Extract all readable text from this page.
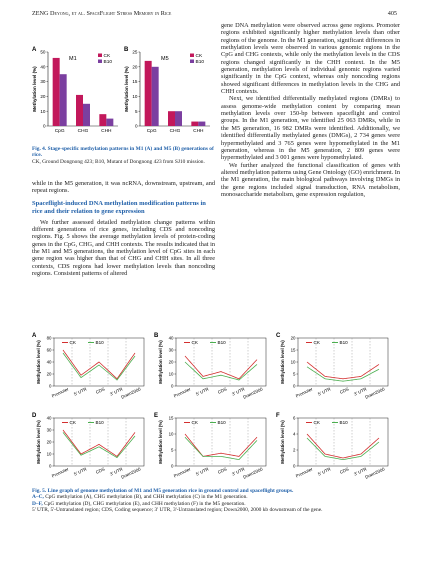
ZENG Deyong, et al. SpaceFlight Stress Memory in Rice	405
A
M1
Methylation level (%)
0
10
20
30
40
50
CpG	CHG	CHH
CK
B10
B
M5
Methylation level (%)
0
5
10
15
20
25
CpG	CHG	CHH
CK
B10
Fig. 4. Stage-specific methylation patterns in M1 (A) and M5 (B) generations of rice.
CK, Ground Dongnong 423; B10, Mutant of Dongnong 423 from SJ10 mission.

while in the M5 generation, it was ncRNA, downstream, upstream, and repeat regions.

Spaceflight-induced DNA methylation modification patterns in rice and their relation to gene expression

We further assessed detailed methylation change patterns within different generations of rice genes, including CDS and noncoding regions. Fig. 5 shows the average methylation levels of protein-coding genes in the CpG, CHG, and CHH contexts. The results indicated that in the M1 and M5 generations, the methylation level of CpG sites in each gene region was higher than that of CHG and CHH sites. In all three contexts, CDS regions had lower methylation levels than noncoding regions. Consistent patterns of altered

gene DNA methylation were observed across gene regions. Promoter regions exhibited significantly higher methylation levels than other regions of the genome. In the M1 generation, significant differences in methylation levels were observed in various genomic regions in the CpG and CHG contexts, while only the methylation levels in the CDS regions changed significantly in the CHH context. In the M5 generation, methylation levels of individual genomic regions varied significantly in the CpG context, whereas only noncoding regions showed significant differences in methylation levels in the CHG and CHH contexts.

Next, we identified differentially methylated regions (DMRs) to assess genome-wide methylation content by comparing mean methylation levels over 150-bp between spaceflight and control groups. In the M1 generation, we identified 25 063 DMRs, while in the M5 generation, 16 982 DMRs were identified. Additionally, we identified differentially methylated genes (DMGs), 2 734 genes were hypermethylated and 3 765 genes were hypomethylated in the M1 generation, whereas in the M5 generation, 2 809 genes were hypermethylated and 3 001 genes were hypomethylated.

We further analyzed the functional classification of genes with altered methylation patterns using Gene Ontology (GO) enrichment. In the M1 generation, the main biological pathways involving DMGs in the gene regions included signal transduction, RNA metabolism, monosaccharide metabolism, gene expression regulation,

A
Methylation level (%)
0
20
40
60
80
Promoter 5' UTR CDS 3' UTR
Down2000
CK	B10
B
Methylation level (%)
0
10
20
30
40
Promoter 5' UTR CDS 3' UTR
Down2000
CK	B10
C
Methylation level (%)
0
5
10
15
20
Promoter 5' UTR CDS 3' UTR
Down2000
CK	B10
D
Methylation level (%)
0
10
20
30
40
Promoter 5' UTR CDS 3' UTR
Down2000
CK	B10
E
Methylation level (%)
0
5
10
15
Promoter 5' UTR CDS 3' UTR
Down2000
CK	B10
F
Methylation level (%)
0
2
4
6
Promoter 5' UTR CDS 3' UTR
Down2000
CK	B10
Fig. 5. Line graph of genome methylation of M1 and M5 generation rice in ground control and spaceflight groups.
A–C, CpG methylation (A), CHG methylation (B), and CHH methylation (C) in the M1 generation.
D–F, CpG methylation (D), CHG methylation (E), and CHH methylation (F) in the M5 generation.
5' UTR, 5'-Untranslated region; CDS, Coding sequence; 3' UTR, 3'-Untranslated region; Down2000, 2000 kb downstream of the gene.
